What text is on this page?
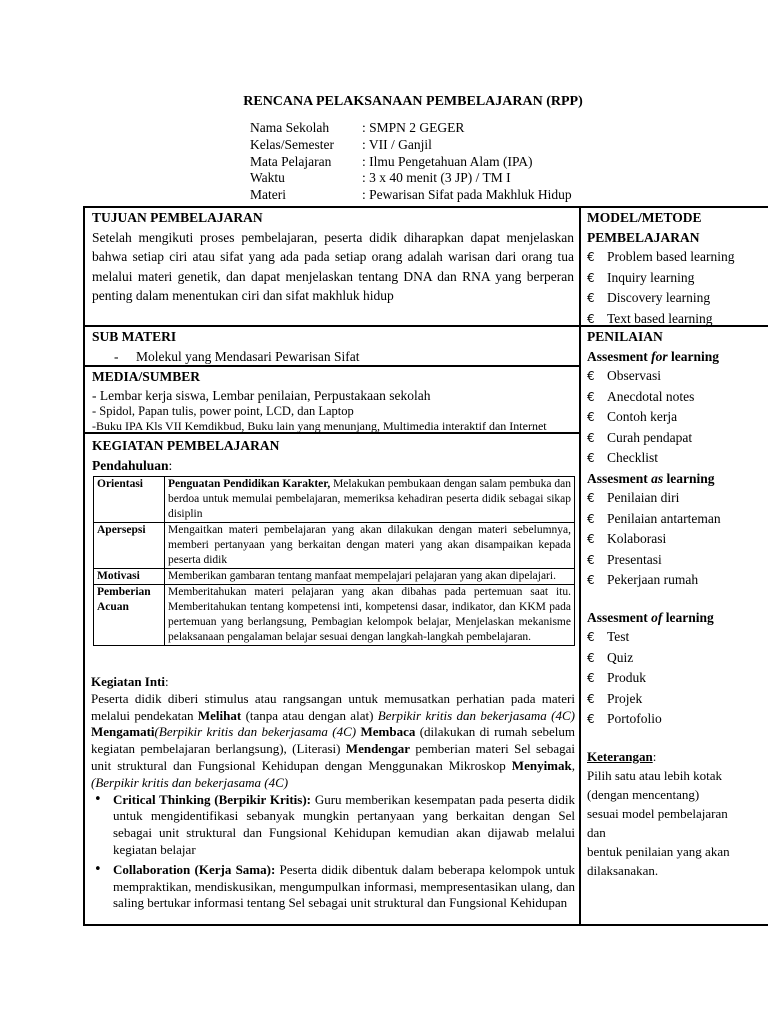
RENCANA PELAKSANAAN PEMBELAJARAN (RPP)
Nama Sekolah	: SMPN 2 GEGER
Kelas/Semester	: VII / Ganjil
Mata Pelajaran	: Ilmu Pengetahuan Alam (IPA)
Waktu	: 3 x 40 menit (3 JP) / TM I
Materi	: Pewarisan Sifat pada Makhluk Hidup
TUJUAN PEMBELAJARAN
Setelah mengikuti proses pembelajaran, peserta didik diharapkan dapat menjelaskan bahwa setiap ciri atau sifat yang ada pada setiap orang adalah warisan dari orang tua melalui materi genetik, dan dapat menjelaskan tentang DNA dan RNA yang berperan penting dalam menentukan ciri dan sifat makhluk hidup
MODEL/METODE
PEMBELAJARAN
€ Problem based learning
€ Inquiry learning
€ Discovery learning
€ Text based learning
SUB MATERI
- Molekul yang Mendasari Pewarisan Sifat
MEDIA/SUMBER
- Lembar kerja siswa, Lembar penilaian, Perpustakaan sekolah
- Spidol, Papan tulis, power point, LCD, dan Laptop
-Buku IPA Kls VII Kemdikbud, Buku lain yang menunjang, Multimedia interaktif dan Internet
PENILAIAN
Assesment for learning
€ Observasi
€ Anecdotal notes
€ Contoh kerja
€ Curah pendapat
€ Checklist
Assesment as learning
€ Penilaian diri
€ Penilaian antarteman
€ Kolaborasi
€ Presentasi
€ Pekerjaan rumah
Assesment of learning
€ Test
€ Quiz
€ Produk
€ Projek
€ Portofolio
Keterangan:
Pilih satu atau lebih kotak
(dengan mencentang)
sesuai model pembelajaran
dan
bentuk penilaian yang akan
dilaksanakan.
KEGIATAN PEMBELAJARAN
Pendahuluan:
Orientasi	Penguatan Pendidikan Karakter, Melakukan pembukaan dengan salam pembuka dan berdoa untuk memulai pembelajaran, memeriksa kehadiran peserta didik sebagai sikap disiplin
Apersepsi	Mengaitkan materi pembelajaran yang akan dilakukan dengan materi sebelumnya, memberi pertanyaan yang berkaitan dengan materi yang akan disampaikan kepada peserta didik
Motivasi	Memberikan gambaran tentang manfaat mempelajari pelajaran yang akan dipelajari.
Pemberian Acuan	Memberitahukan materi pelajaran yang akan dibahas pada pertemuan saat itu. Memberitahukan tentang kompetensi inti, kompetensi dasar, indikator, dan KKM pada pertemuan yang berlangsung, Pembagian kelompok belajar, Menjelaskan mekanisme pelaksanaan pengalaman belajar sesuai dengan langkah-langkah pembelajaran.
Kegiatan Inti:
Peserta didik diberi stimulus atau rangsangan untuk memusatkan perhatian pada materi melalui pendekatan Melihat (tanpa atau dengan alat) Berpikir kritis dan bekerjasama (4C) Mengamati(Berpikir kritis dan bekerjasama (4C) Membaca (dilakukan di rumah sebelum kegiatan pembelajaran berlangsung), (Literasi) Mendengar pemberian materi Sel sebagai unit struktural dan Fungsional Kehidupan dengan Menggunakan Mikroskop Menyimak, (Berpikir kritis dan bekerjasama (4C)
• Critical Thinking (Berpikir Kritis): Guru memberikan kesempatan pada peserta didik untuk mengidentifikasi sebanyak mungkin pertanyaan yang berkaitan dengan Sel sebagai unit struktural dan Fungsional Kehidupan kemudian akan dijawab melalui kegiatan belajar
• Collaboration (Kerja Sama): Peserta didik dibentuk dalam beberapa kelompok untuk mempraktikan, mendiskusikan, mengumpulkan informasi, mempresentasikan ulang, dan saling bertukar informasi tentang Sel sebagai unit struktural dan Fungsional Kehidupan
